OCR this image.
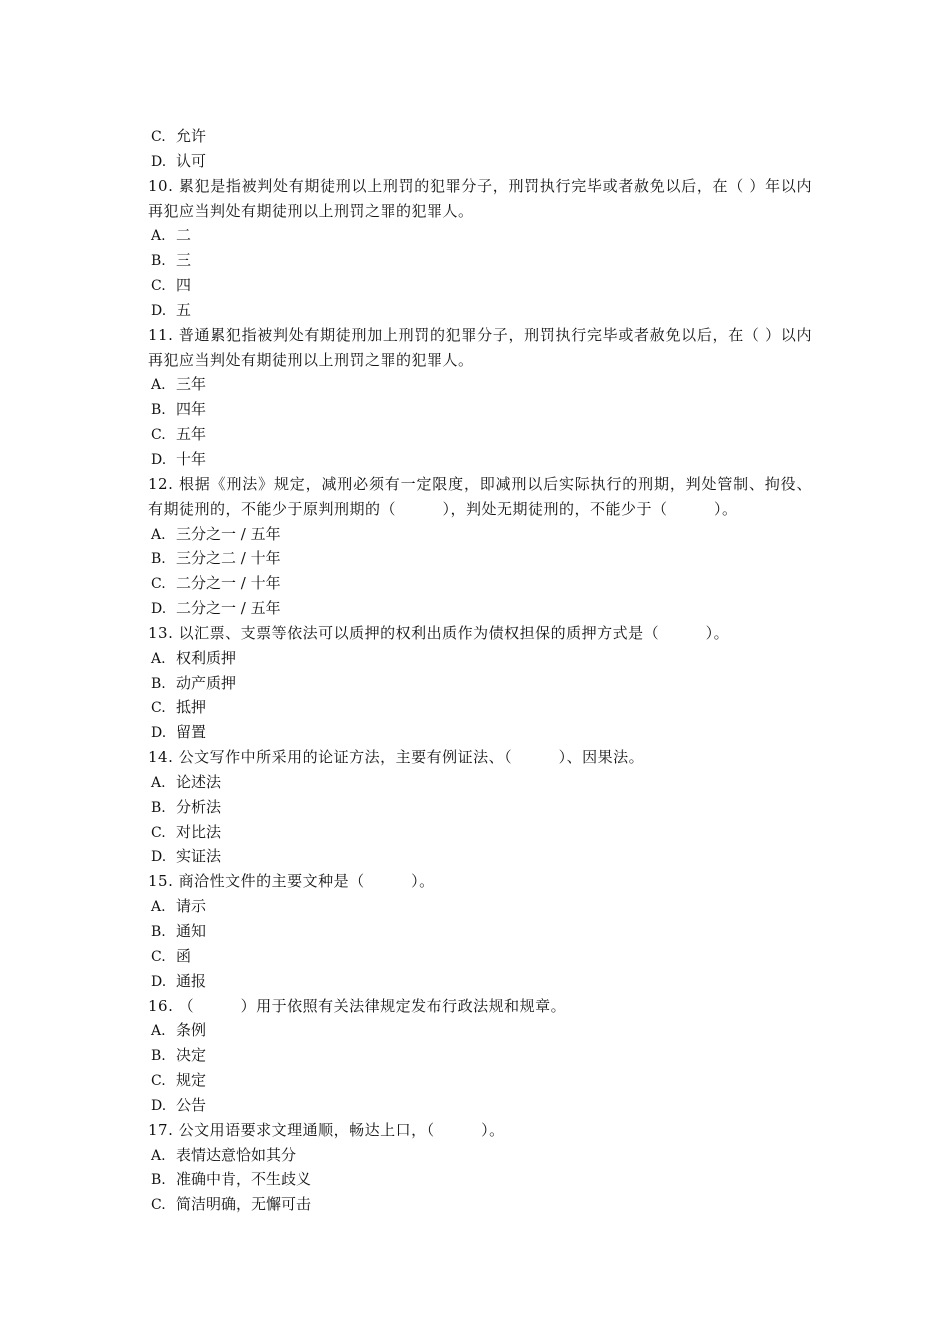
C. 允许
D. 认可
10. 累犯是指被判处有期徒刑以上刑罚的犯罪分子，刑罚执行完毕或者赦免以后，在（ ）年以内再犯应当判处有期徒刑以上刑罚之罪的犯罪人。
A. 二
B. 三
C. 四
D. 五
11. 普通累犯指被判处有期徒刑加上刑罚的犯罪分子，刑罚执行完毕或者赦免以后，在（ ）以内再犯应当判处有期徒刑以上刑罚之罪的犯罪人。
A. 三年
B. 四年
C. 五年
D. 十年
12. 根据《刑法》规定，减刑必须有一定限度，即减刑以后实际执行的刑期，判处管制、拘役、有期徒刑的，不能少于原判刑期的（　　　），判处无期徒刑的，不能少于（　　　）。
A. 三分之一 / 五年
B. 三分之二 / 十年
C. 二分之一 / 十年
D. 二分之一 / 五年
13. 以汇票、支票等依法可以质押的权利出质作为债权担保的质押方式是（　　　）。
A. 权利质押
B. 动产质押
C. 抵押
D. 留置
14. 公文写作中所采用的论证方法，主要有例证法、（　　　）、因果法。
A. 论述法
B. 分析法
C. 对比法
D. 实证法
15. 商洽性文件的主要文种是（　　　）。
A. 请示
B. 通知
C. 函
D. 通报
16. （　　　）用于依照有关法律规定发布行政法规和规章。
A. 条例
B. 决定
C. 规定
D. 公告
17. 公文用语要求文理通顺，畅达上口，（　　　）。
A. 表情达意恰如其分
B. 准确中肯，不生歧义
C. 简洁明确，无懈可击
